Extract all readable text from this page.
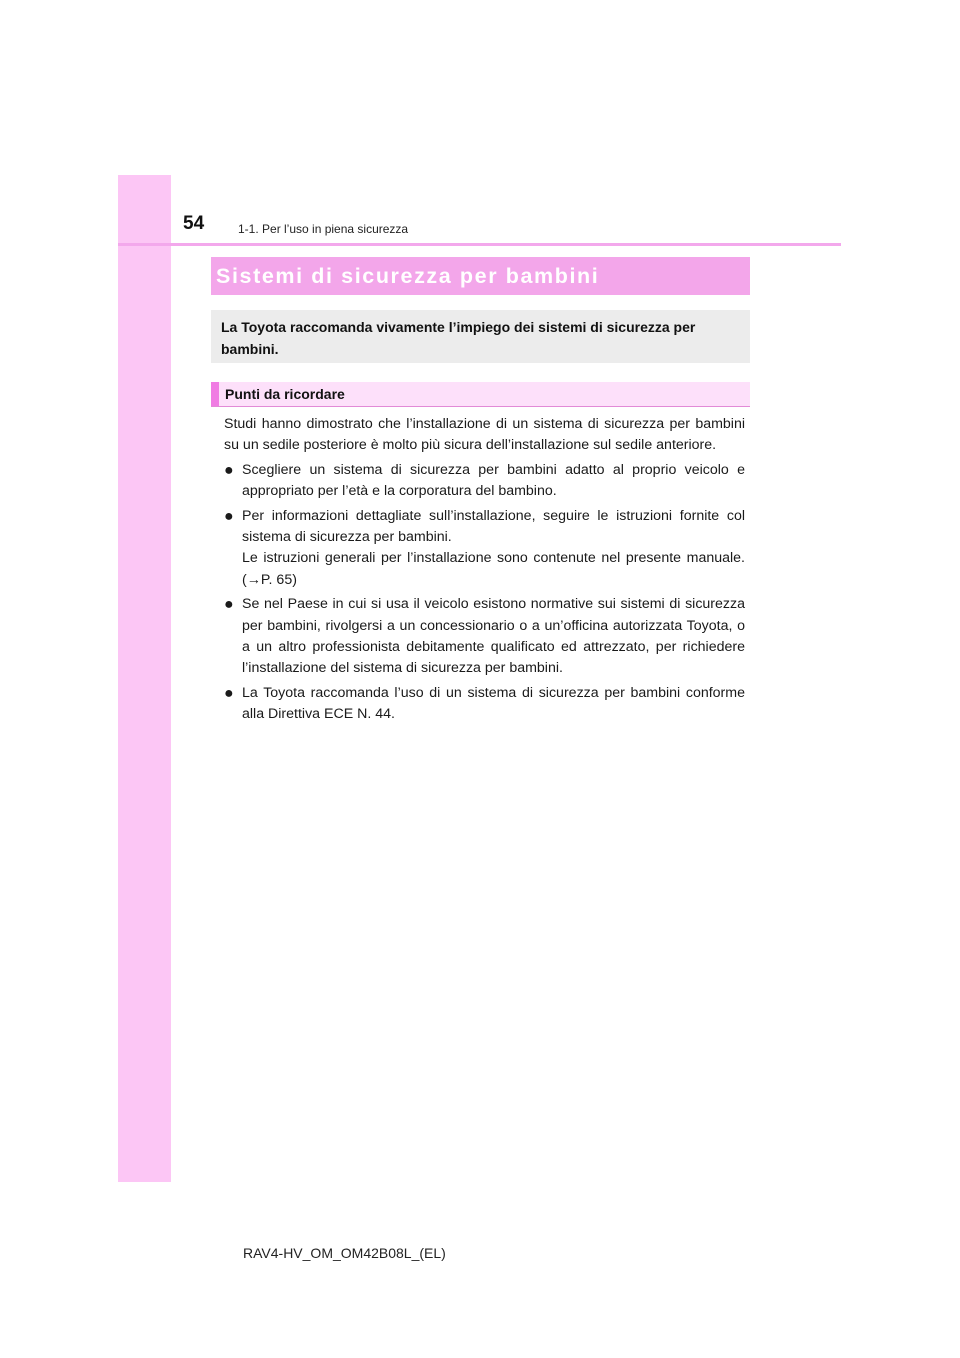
54	1-1. Per l’uso in piena sicurezza
Sistemi di sicurezza per bambini
La Toyota raccomanda vivamente l’impiego dei sistemi di sicurezza per bambini.
Punti da ricordare

Studi hanno dimostrato che l’installazione di un sistema di sicurezza per bambini su un sedile posteriore è molto più sicura dell’installazione sul sedile anteriore.

● Scegliere un sistema di sicurezza per bambini adatto al proprio veicolo e appropriato per l’età e la corporatura del bambino.

● Per informazioni dettagliate sull’installazione, seguire le istruzioni fornite col sistema di sicurezza per bambini.

Le istruzioni generali per l’installazione sono contenute nel presente manuale. (→P. 65)

● Se nel Paese in cui si usa il veicolo esistono normative sui sistemi di sicurezza per bambini, rivolgersi a un concessionario o a un’officina autorizzata Toyota, o a un altro professionista debitamente qualificato ed attrezzato, per richiedere l’installazione del sistema di sicurezza per bambini.

● La Toyota raccomanda l’uso di un sistema di sicurezza per bambini conforme alla Direttiva ECE N. 44.

RAV4-HV_OM_OM42B08L_(EL)
